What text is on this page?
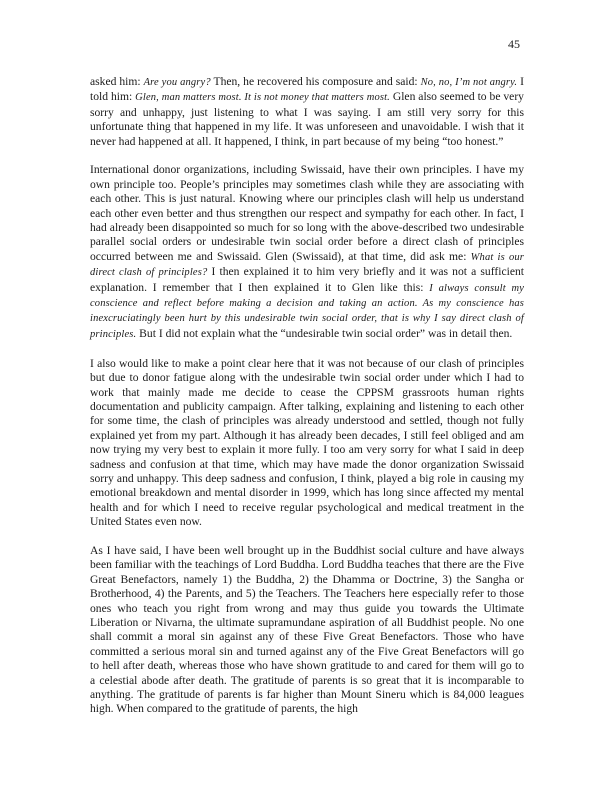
45

asked him: Are you angry? Then, he recovered his composure and said: No, no, I’m not angry. I told him: Glen, man matters most. It is not money that matters most. Glen also seemed to be very sorry and unhappy, just listening to what I was saying. I am still very sorry for this unfortunate thing that happened in my life. It was unforeseen and unavoidable. I wish that it never had happened at all. It happened, I think, in part because of my being “too honest.”

International donor organizations, including Swissaid, have their own principles. I have my own principle too. People’s principles may sometimes clash while they are associating with each other. This is just natural. Knowing where our principles clash will help us understand each other even better and thus strengthen our respect and sympathy for each other. In fact, I had already been disappointed so much for so long with the above-described two undesirable parallel social orders or undesirable twin social order before a direct clash of principles occurred between me and Swissaid. Glen (Swissaid), at that time, did ask me: What is our direct clash of principles? I then explained it to him very briefly and it was not a sufficient explanation. I remember that I then explained it to Glen like this: I always consult my conscience and reflect before making a decision and taking an action. As my conscience has inexcruciatingly been hurt by this undesirable twin social order, that is why I say direct clash of principles. But I did not explain what the “undesirable twin social order” was in detail then.

I also would like to make a point clear here that it was not because of our clash of principles but due to donor fatigue along with the undesirable twin social order under which I had to work that mainly made me decide to cease the CPPSM grassroots human rights documentation and publicity campaign. After talking, explaining and listening to each other for some time, the clash of principles was already understood and settled, though not fully explained yet from my part. Although it has already been decades, I still feel obliged and am now trying my very best to explain it more fully. I too am very sorry for what I said in deep sadness and confusion at that time, which may have made the donor organization Swissaid sorry and unhappy. This deep sadness and confusion, I think, played a big role in causing my emotional breakdown and mental disorder in 1999, which has long since affected my mental health and for which I need to receive regular psychological and medical treatment in the United States even now.

As I have said, I have been well brought up in the Buddhist social culture and have always been familiar with the teachings of Lord Buddha. Lord Buddha teaches that there are the Five Great Benefactors, namely 1) the Buddha, 2) the Dhamma or Doctrine, 3) the Sangha or Brotherhood, 4) the Parents, and 5) the Teachers. The Teachers here especially refer to those ones who teach you right from wrong and may thus guide you towards the Ultimate Liberation or Nivarna, the ultimate supramundane aspiration of all Buddhist people. No one shall commit a moral sin against any of these Five Great Benefactors. Those who have committed a serious moral sin and turned against any of the Five Great Benefactors will go to hell after death, whereas those who have shown gratitude to and cared for them will go to a celestial abode after death. The gratitude of parents is so great that it is incomparable to anything. The gratitude of parents is far higher than Mount Sineru which is 84,000 leagues high. When compared to the gratitude of parents, the high
